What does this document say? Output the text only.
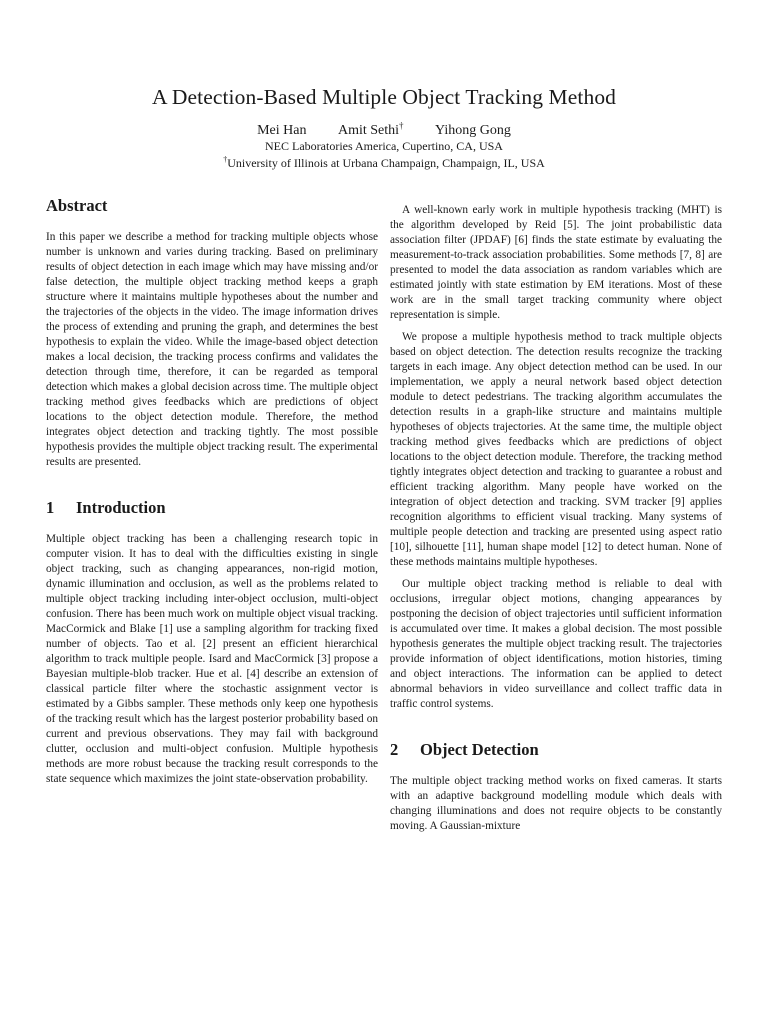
A Detection-Based Multiple Object Tracking Method
Mei Han Amit Sethi† Yihong Gong
NEC Laboratories America, Cupertino, CA, USA
†University of Illinois at Urbana Champaign, Champaign, IL, USA
Abstract

In this paper we describe a method for tracking multiple objects whose number is unknown and varies during tracking. Based on preliminary results of object detection in each image which may have missing and/or false detection, the multiple object tracking method keeps a graph structure where it maintains multiple hypotheses about the number and the trajectories of the objects in the video. The image information drives the process of extending and pruning the graph, and determines the best hypothesis to explain the video. While the image-based object detection makes a local decision, the tracking process confirms and validates the detection through time, therefore, it can be regarded as temporal detection which makes a global decision across time. The multiple object tracking method gives feedbacks which are predictions of object locations to the object detection module. Therefore, the method integrates object detection and tracking tightly. The most possible hypothesis provides the multiple object tracking result. The experimental results are presented.

1 Introduction

Multiple object tracking has been a challenging research topic in computer vision. It has to deal with the difficulties existing in single object tracking, such as changing appearances, non-rigid motion, dynamic illumination and occlusion, as well as the problems related to multiple object tracking including inter-object occlusion, multi-object confusion. There has been much work on multiple object visual tracking. MacCormick and Blake [1] use a sampling algorithm for tracking fixed number of objects. Tao et al. [2] present an efficient hierarchical algorithm to track multiple people. Isard and MacCormick [3] propose a Bayesian multiple-blob tracker. Hue et al. [4] describe an extension of classical particle filter where the stochastic assignment vector is estimated by a Gibbs sampler. These methods only keep one hypothesis of the tracking result which has the largest posterior probability based on current and previous observations. They may fail with background clutter, occlusion and multi-object confusion. Multiple hypothesis methods are more robust because the tracking result corresponds to the state sequence which maximizes the joint state-observation probability.

A well-known early work in multiple hypothesis tracking (MHT) is the algorithm developed by Reid [5]. The joint probabilistic data association filter (JPDAF) [6] finds the state estimate by evaluating the measurement-to-track association probabilities. Some methods [7, 8] are presented to model the data association as random variables which are estimated jointly with state estimation by EM iterations. Most of these work are in the small target tracking community where object representation is simple.

We propose a multiple hypothesis method to track multiple objects based on object detection. The detection results recognize the tracking targets in each image. Any object detection method can be used. In our implementation, we apply a neural network based object detection module to detect pedestrians. The tracking algorithm accumulates the detection results in a graph-like structure and maintains multiple hypotheses of objects trajectories. At the same time, the multiple object tracking method gives feedbacks which are predictions of object locations to the object detection module. Therefore, the tracking method tightly integrates object detection and tracking to guarantee a robust and efficient tracking algorithm. Many people have worked on the integration of object detection and tracking. SVM tracker [9] applies recognition algorithms to efficient visual tracking. Many systems of multiple people detection and tracking are presented using aspect ratio [10], silhouette [11], human shape model [12] to detect human. None of these methods maintains multiple hypotheses.

Our multiple object tracking method is reliable to deal with occlusions, irregular object motions, changing appearances by postponing the decision of object trajectories until sufficient information is accumulated over time. It makes a global decision. The most possible hypothesis generates the multiple object tracking result. The trajectories provide information of object identifications, motion histories, timing and object interactions. The information can be applied to detect abnormal behaviors in video surveillance and collect traffic data in traffic control systems.

2 Object Detection

The multiple object tracking method works on fixed cameras. It starts with an adaptive background modelling module which deals with changing illuminations and does not require objects to be constantly moving. A Gaussian-mixture
